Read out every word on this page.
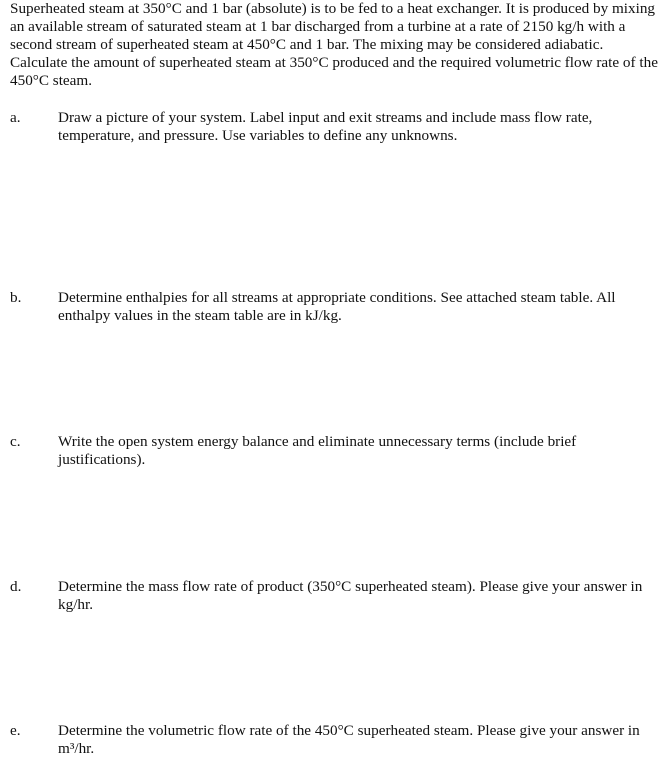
Superheated steam at 350°C and 1 bar (absolute) is to be fed to a heat exchanger. It is produced by mixing an available stream of saturated steam at 1 bar discharged from a turbine at a rate of 2150 kg/h with a second stream of superheated steam at 450°C and 1 bar. The mixing may be considered adiabatic. Calculate the amount of superheated steam at 350°C produced and the required volumetric flow rate of the 450°C steam.

a. Draw a picture of your system. Label input and exit streams and include mass flow rate, temperature, and pressure. Use variables to define any unknowns.
b. Determine enthalpies for all streams at appropriate conditions. See attached steam table. All enthalpy values in the steam table are in kJ/kg.
c. Write the open system energy balance and eliminate unnecessary terms (include brief justifications).
d. Determine the mass flow rate of product (350°C superheated steam). Please give your answer in kg/hr.
e. Determine the volumetric flow rate of the 450°C superheated steam. Please give your answer in m³/hr.
